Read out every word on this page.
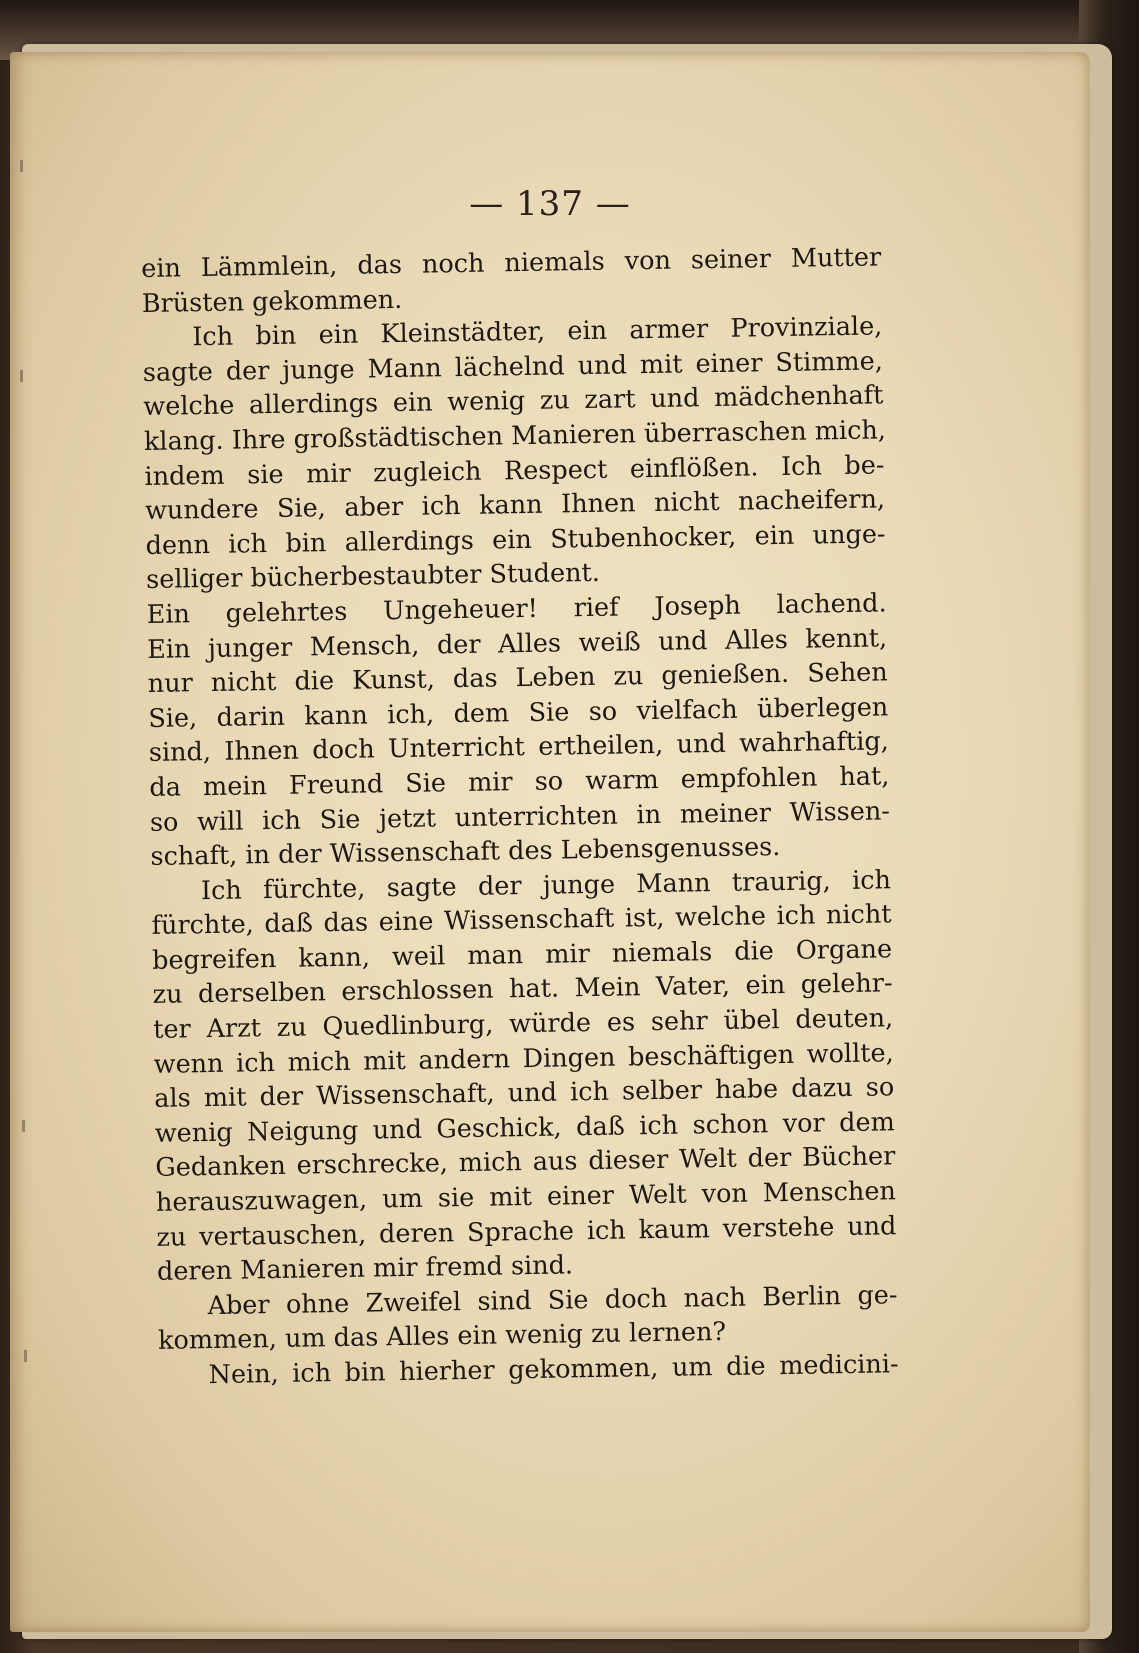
— 137 —
ein Lämmlein, das noch niemals von seiner Mutter
Brüsten gekommen.
Ich bin ein Kleinstädter, ein armer Provinziale,
sagte der junge Mann lächelnd und mit einer Stimme,
welche allerdings ein wenig zu zart und mädchenhaft
klang. Ihre großstädtischen Manieren überraschen mich,
indem sie mir zugleich Respect einflößen. Ich be-
wundere Sie, aber ich kann Ihnen nicht nacheifern,
denn ich bin allerdings ein Stubenhocker, ein unge-
selliger bücherbestaubter Student.
Ein gelehrtes Ungeheuer! rief Joseph lachend.
Ein junger Mensch, der Alles weiß und Alles kennt,
nur nicht die Kunst, das Leben zu genießen. Sehen
Sie, darin kann ich, dem Sie so vielfach überlegen
sind, Ihnen doch Unterricht ertheilen, und wahrhaftig,
da mein Freund Sie mir so warm empfohlen hat,
so will ich Sie jetzt unterrichten in meiner Wissen-
schaft, in der Wissenschaft des Lebensgenusses.
Ich fürchte, sagte der junge Mann traurig, ich
fürchte, daß das eine Wissenschaft ist, welche ich nicht
begreifen kann, weil man mir niemals die Organe
zu derselben erschlossen hat. Mein Vater, ein gelehr-
ter Arzt zu Quedlinburg, würde es sehr übel deuten,
wenn ich mich mit andern Dingen beschäftigen wollte,
als mit der Wissenschaft, und ich selber habe dazu so
wenig Neigung und Geschick, daß ich schon vor dem
Gedanken erschrecke, mich aus dieser Welt der Bücher
herauszuwagen, um sie mit einer Welt von Menschen
zu vertauschen, deren Sprache ich kaum verstehe und
deren Manieren mir fremd sind.
Aber ohne Zweifel sind Sie doch nach Berlin ge-
kommen, um das Alles ein wenig zu lernen?
Nein, ich bin hierher gekommen, um die medicini-
